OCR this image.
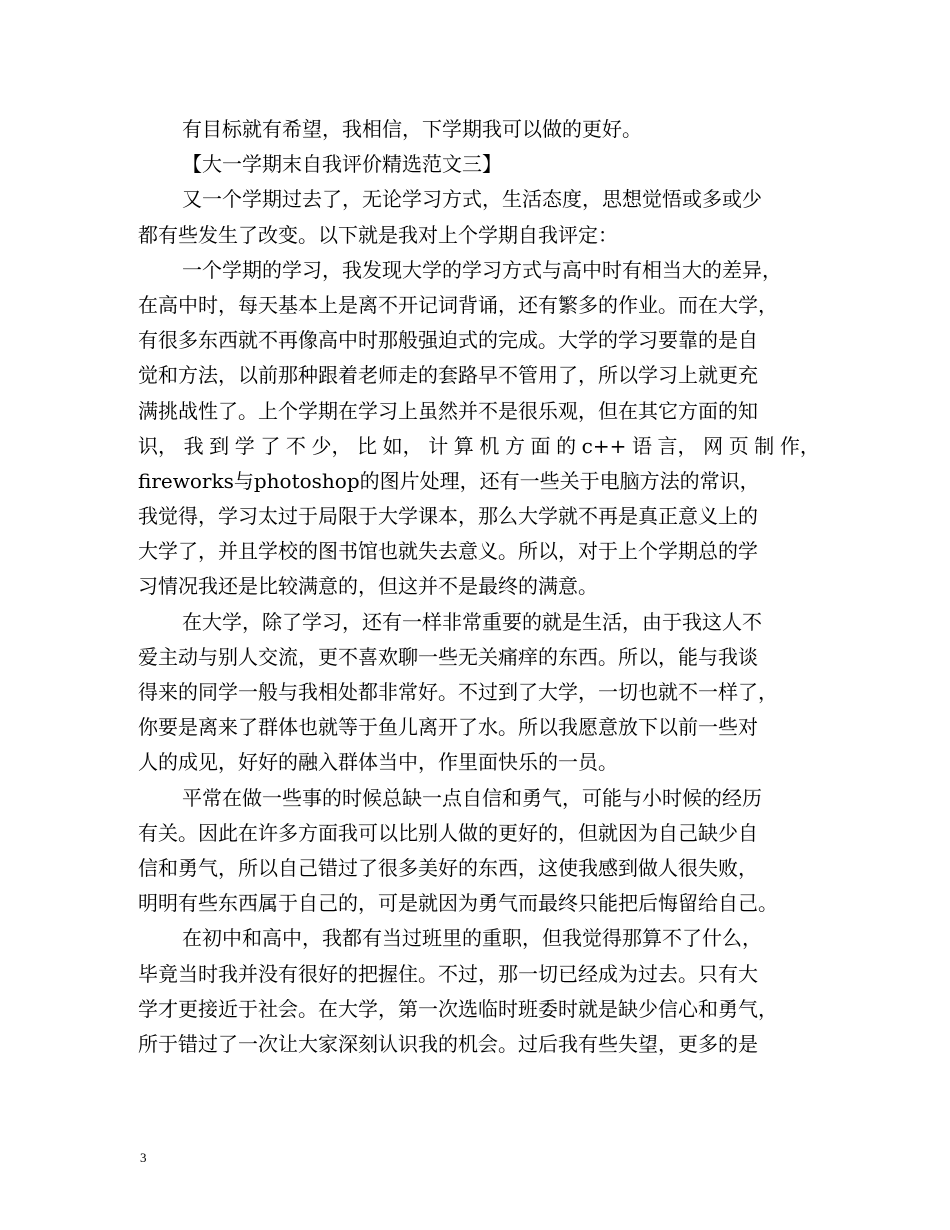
有目标就有希望，我相信，下学期我可以做的更好。
【大一学期末自我评价精选范文三】
又一个学期过去了，无论学习方式，生活态度，思想觉悟或多或少
都有些发生了改变。以下就是我对上个学期自我评定：
一个学期的学习，我发现大学的学习方式与高中时有相当大的差异，
在高中时，每天基本上是离不开记词背诵，还有繁多的作业。而在大学，
有很多东西就不再像高中时那般强迫式的完成。大学的学习要靠的是自
觉和方法，以前那种跟着老师走的套路早不管用了，所以学习上就更充
满挑战性了。上个学期在学习上虽然并不是很乐观，但在其它方面的知
识， 我 到 学 了 不 少， 比 如， 计 算 机 方 面 的 c++ 语 言， 网 页 制 作，
fireworks与photoshop的图片处理，还有一些关于电脑方法的常识，
我觉得，学习太过于局限于大学课本，那么大学就不再是真正意义上的
大学了，并且学校的图书馆也就失去意义。所以，对于上个学期总的学
习情况我还是比较满意的，但这并不是最终的满意。
在大学，除了学习，还有一样非常重要的就是生活，由于我这人不
爱主动与别人交流，更不喜欢聊一些无关痛痒的东西。所以，能与我谈
得来的同学一般与我相处都非常好。不过到了大学，一切也就不一样了，
你要是离来了群体也就等于鱼儿离开了水。所以我愿意放下以前一些对
人的成见，好好的融入群体当中，作里面快乐的一员。
平常在做一些事的时候总缺一点自信和勇气，可能与小时候的经历
有关。因此在许多方面我可以比别人做的更好的，但就因为自己缺少自
信和勇气，所以自己错过了很多美好的东西，这使我感到做人很失败，
明明有些东西属于自己的，可是就因为勇气而最终只能把后悔留给自己。
在初中和高中，我都有当过班里的重职，但我觉得那算不了什么，
毕竟当时我并没有很好的把握住。不过，那一切已经成为过去。只有大
学才更接近于社会。在大学，第一次选临时班委时就是缺少信心和勇气，
所于错过了一次让大家深刻认识我的机会。过后我有些失望，更多的是
3
